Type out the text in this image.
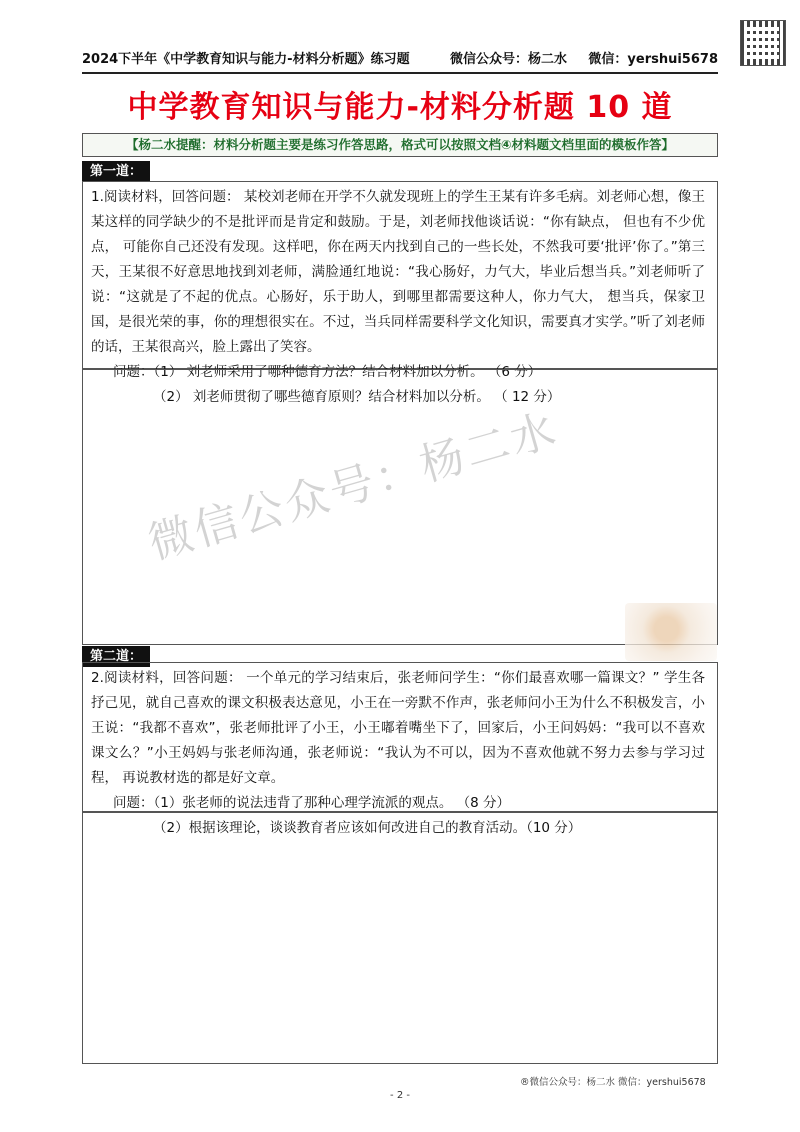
2024下半年《中学教育知识与能力-材料分析题》练习题	微信公众号：杨二水 微信：yershui5678
中学教育知识与能力-材料分析题 10 道
【杨二水提醒：材料分析题主要是练习作答思路，格式可以按照文档④材料题文档里面的模板作答】
第一道：

1.阅读材料，回答问题： 某校刘老师在开学不久就发现班上的学生王某有许多毛病。刘老师心想，像王某这样的同学缺少的不是批评而是肯定和鼓励。于是，刘老师找他谈话说：“你有缺点， 但也有不少优点， 可能你自己还没有发现。这样吧，你在两天内找到自己的一些长处，不然我可要‘批评’你了。”第三天，王某很不好意思地找到刘老师，满脸通红地说：“我心肠好，力气大，毕业后想当兵。”刘老师听了说：“这就是了不起的优点。心肠好，乐于助人，到哪里都需要这种人，你力气大， 想当兵，保家卫国，是很光荣的事，你的理想很实在。不过，当兵同样需要科学文化知识，需要真才实学。”听了刘老师的话，王某很高兴，脸上露出了笑容。

问题：（1） 刘老师采用了哪种德育方法？结合材料加以分析。 （6 分）
（2） 刘老师贯彻了哪些德育原则？结合材料加以分析。 （ 12 分）
第二道：

2.阅读材料，回答问题： 一个单元的学习结束后，张老师问学生：“你们最喜欢哪一篇课文？” 学生各抒己见，就自己喜欢的课文积极表达意见，小王在一旁默不作声，张老师问小王为什么不积极发言，小王说：“我都不喜欢”，张老师批评了小王，小王嘟着嘴坐下了，回家后，小王问妈妈：“我可以不喜欢课文么？”小王妈妈与张老师沟通，张老师说：“我认为不可以，因为不喜欢他就不努力去参与学习过程， 再说教材选的都是好文章。

问题：（1）张老师的说法违背了那种心理学流派的观点。 （8 分）
（2）根据该理论，谈谈教育者应该如何改进自己的教育活动。（10 分）
微信公众号：杨二水
®微信公众号：杨二水 微信：yershui5678
- 2 -
